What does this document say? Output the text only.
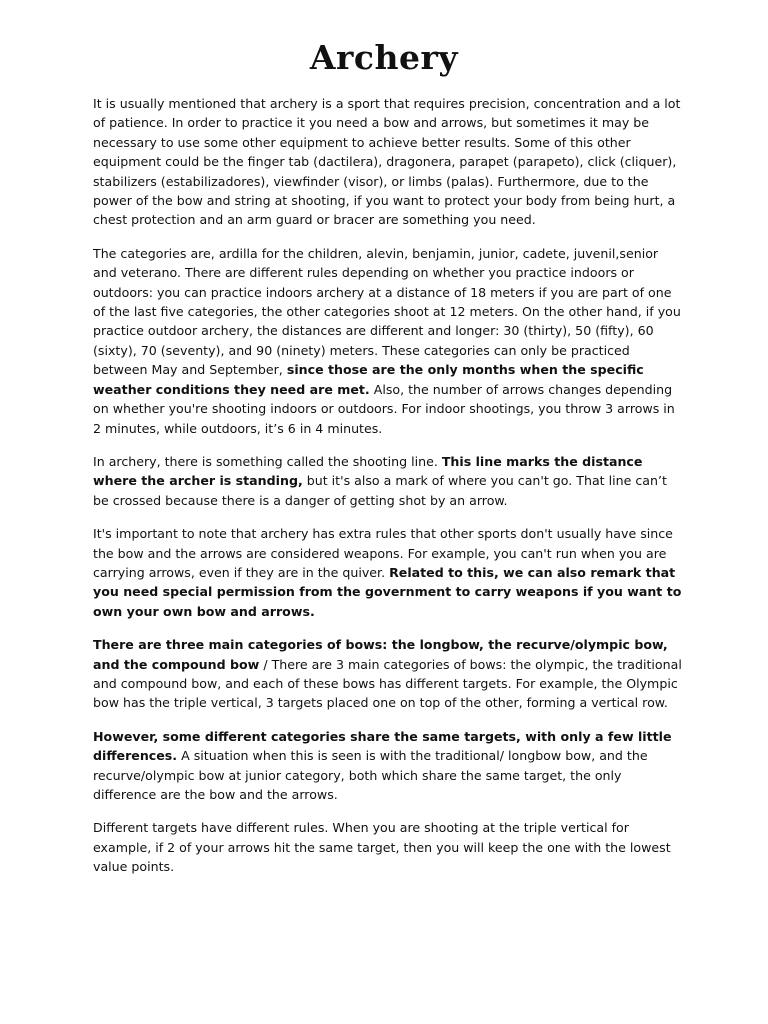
Archery

It is usually mentioned that archery is a sport that requires precision, concentration and a lot of patience. In order to practice it you need a bow and arrows, but sometimes it may be necessary to use some other equipment to achieve better results. Some of this other equipment could be the finger tab (dactilera), dragonera, parapet (parapeto), click (cliquer), stabilizers (estabilizadores), viewfinder (visor), or limbs (palas). Furthermore, due to the power of the bow and string at shooting, if you want to protect your body from being hurt, a chest protection and an arm guard or bracer are something you need.

The categories are, ardilla for the children, alevin, benjamin, junior, cadete, juvenil,senior and veterano. There are different rules depending on whether you practice indoors or outdoors: you can practice indoors archery at a distance of 18 meters if you are part of one of the last five categories, the other categories shoot at 12 meters. On the other hand, if you practice outdoor archery, the distances are different and longer: 30 (thirty), 50 (fifty), 60 (sixty), 70 (seventy), and 90 (ninety) meters. These categories can only be practiced between May and September, since those are the only months when the specific weather conditions they need are met. Also, the number of arrows changes depending on whether you're shooting indoors or outdoors. For indoor shootings, you throw 3 arrows in 2 minutes, while outdoors, it’s 6 in 4 minutes.

In archery, there is something called the shooting line. This line marks the distance where the archer is standing, but it's also a mark of where you can't go. That line can’t be crossed because there is a danger of getting shot by an arrow.

It's important to note that archery has extra rules that other sports don't usually have since the bow and the arrows are considered weapons. For example, you can't run when you are carrying arrows, even if they are in the quiver. Related to this, we can also remark that you need special permission from the government to carry weapons if you want to own your own bow and arrows.

There are three main categories of bows: the longbow, the recurve/olympic bow, and the compound bow / There are 3 main categories of bows: the olympic, the traditional and compound bow, and each of these bows has different targets. For example, the Olympic bow has the triple vertical, 3 targets placed one on top of the other, forming a vertical row.

However, some different categories share the same targets, with only a few little differences. A situation when this is seen is with the traditional/ longbow bow, and the recurve/olympic bow at junior category, both which share the same target, the only difference are the bow and the arrows.

Different targets have different rules. When you are shooting at the triple vertical for example, if 2 of your arrows hit the same target, then you will keep the one with the lowest value points.
